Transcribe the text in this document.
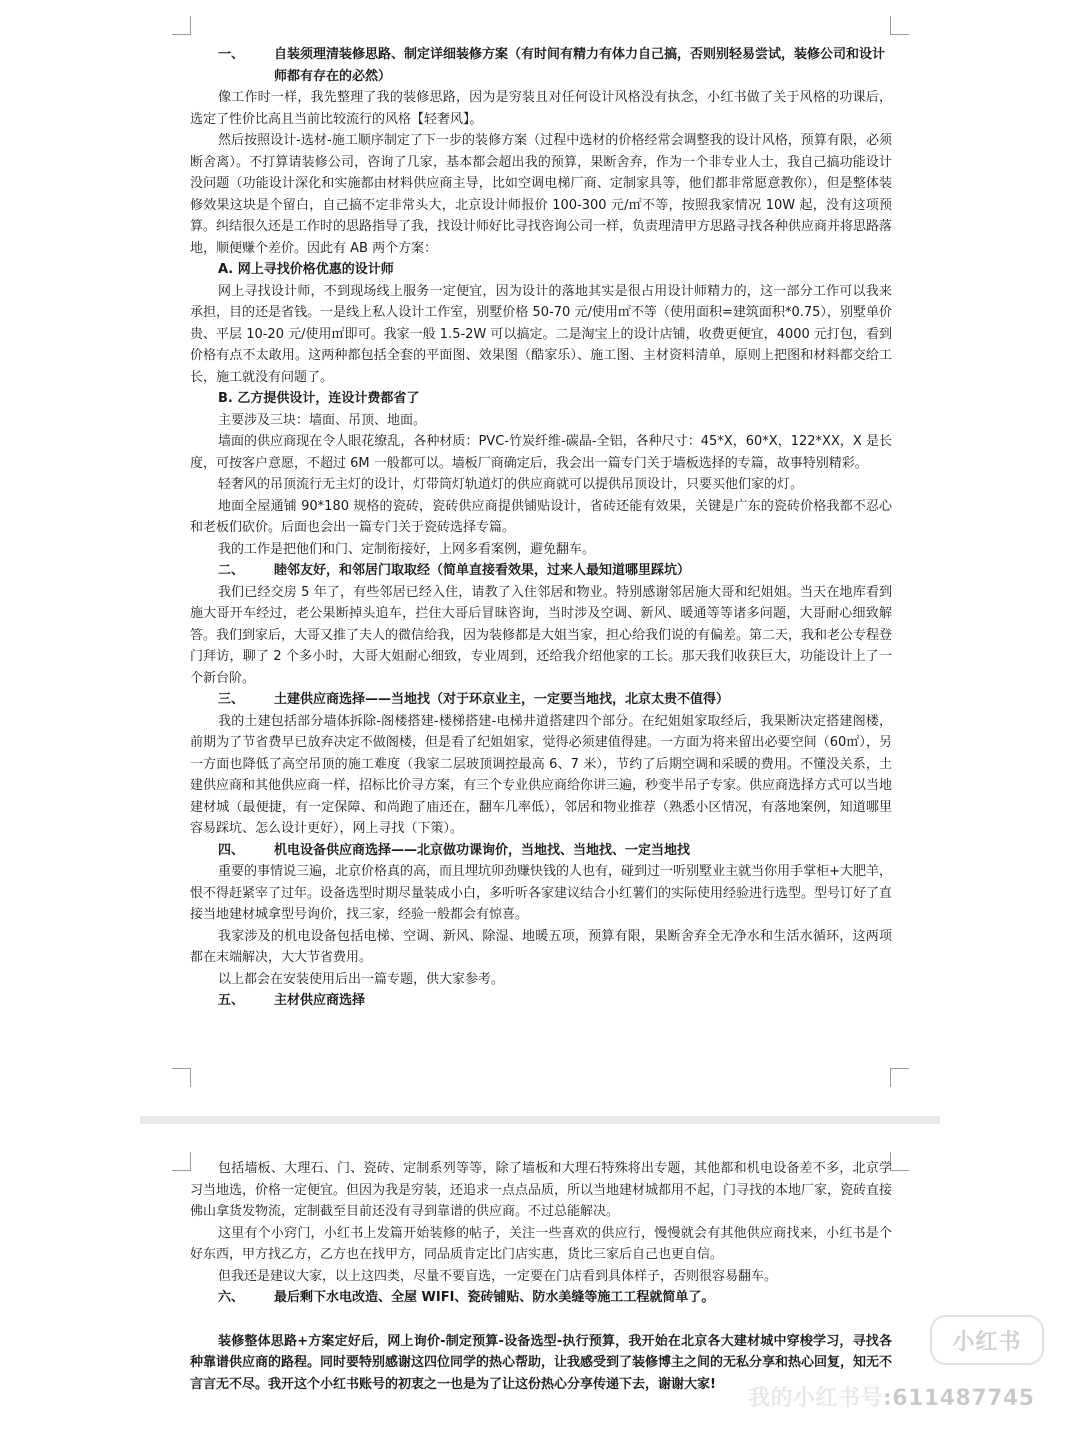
一、	自装须理清装修思路、制定详细装修方案（有时间有精力有体力自己搞，否则别轻易尝试，装修公司和设计师都有存在的必然）

像工作时一样，我先整理了我的装修思路，因为是穷装且对任何设计风格没有执念，小红书做了关于风格的功课后，选定了性价比高且当前比较流行的风格【轻奢风】。

然后按照设计-选材-施工顺序制定了下一步的装修方案（过程中选材的价格经常会调整我的设计风格，预算有限，必须断舍离）。不打算请装修公司，咨询了几家，基本都会超出我的预算，果断舍弃，作为一个非专业人士，我自己搞功能设计没问题（功能设计深化和实施都由材料供应商主导，比如空调电梯厂商、定制家具等，他们都非常愿意教你），但是整体装修效果这块是个留白，自己搞不定非常头大，北京设计师报价 100-300 元/㎡不等，按照我家情况 10W 起，没有这项预算。纠结很久还是工作时的思路指导了我，找设计师好比寻找咨询公司一样，负责理清甲方思路寻找各种供应商并将思路落地，顺便赚个差价。因此有 AB 两个方案：

A. 网上寻找价格优惠的设计师

网上寻找设计师，不到现场线上服务一定便宜，因为设计的落地其实是很占用设计师精力的，这一部分工作可以我来承担，目的还是省钱。一是线上私人设计工作室，别墅价格 50-70 元/使用㎡不等（使用面积=建筑面积*0.75），别墅单价贵、平层 10-20 元/使用㎡即可。我家一般 1.5-2W 可以搞定。二是淘宝上的设计店铺，收费更便宜，4000 元打包，看到价格有点不太敢用。这两种都包括全套的平面图、效果图（酷家乐）、施工图、主材资料清单，原则上把图和材料都交给工长，施工就没有问题了。

B. 乙方提供设计，连设计费都省了

主要涉及三块：墙面、吊顶、地面。

墙面的供应商现在令人眼花缭乱，各种材质：PVC-竹炭纤维-碳晶-全铝，各种尺寸：45*X，60*X，122*XX，X 是长度，可按客户意愿，不超过 6M 一般都可以。墙板厂商确定后，我会出一篇专门关于墙板选择的专篇，故事特别精彩。

轻奢风的吊顶流行无主灯的设计，灯带筒灯轨道灯的供应商就可以提供吊顶设计，只要买他们家的灯。

地面全屋通铺 90*180 规格的瓷砖，瓷砖供应商提供铺贴设计，省砖还能有效果，关键是广东的瓷砖价格我都不忍心和老板们砍价。后面也会出一篇专门关于瓷砖选择专篇。

我的工作是把他们和门、定制衔接好，上网多看案例，避免翻车。

二、	睦邻友好，和邻居门取取经（简单直接看效果，过来人最知道哪里踩坑）

我们已经交房 5 年了，有些邻居已经入住，请教了入住邻居和物业。特别感谢邻居施大哥和纪姐姐。当天在地库看到施大哥开车经过，老公果断掉头追车，拦住大哥后冒昧咨询，当时涉及空调、新风、暖通等等诸多问题，大哥耐心细致解答。我们到家后，大哥又推了夫人的微信给我，因为装修都是大姐当家，担心给我们说的有偏差。第二天，我和老公专程登门拜访，聊了 2 个多小时，大哥大姐耐心细致，专业周到，还给我介绍他家的工长。那天我们收获巨大，功能设计上了一个新台阶。

三、	土建供应商选择——当地找（对于环京业主，一定要当地找，北京太贵不值得）

我的土建包括部分墙体拆除-阁楼搭建-楼梯搭建-电梯井道搭建四个部分。在纪姐姐家取经后，我果断决定搭建阁楼，前期为了节省费早已放弃决定不做阁楼，但是看了纪姐姐家，觉得必须建值得建。一方面为将来留出必要空间（60㎡），另一方面也降低了高空吊顶的施工难度（我家二层玻顶调控最高 6、7 米），节约了后期空调和采暖的费用。不懂没关系，土建供应商和其他供应商一样，招标比价寻方案，有三个专业供应商给你讲三遍，秒变半吊子专家。供应商选择方式可以当地建材城（最便捷，有一定保障、和尚跑了庙还在，翻车几率低），邻居和物业推荐（熟悉小区情况，有落地案例，知道哪里容易踩坑、怎么设计更好），网上寻找（下策）。

四、	机电设备供应商选择——北京做功课询价，当地找、当地找、一定当地找

重要的事情说三遍，北京价格真的高，而且埋坑卯劲赚快钱的人也有，碰到过一听别墅业主就当你用手掌柜+大肥羊，恨不得赶紧宰了过年。设备选型时期尽量装成小白，多听听各家建议结合小红薯们的实际使用经验进行选型。型号订好了直接当地建材城拿型号询价，找三家，经验一般都会有惊喜。

我家涉及的机电设备包括电梯、空调、新风、除湿、地暖五项，预算有限，果断舍弃全无净水和生活水循环，这两项都在末端解决，大大节省费用。

以上都会在安装使用后出一篇专题，供大家参考。

五、	主材供应商选择

包括墙板、大理石、门、瓷砖、定制系列等等，除了墙板和大理石特殊将出专题，其他都和机电设备差不多，北京学习当地选，价格一定便宜。但因为我是穷装，还追求一点点品质，所以当地建材城都用不起，门寻找的本地厂家，瓷砖直接佛山拿货发物流，定制截至目前还没有寻到靠谱的供应商。不过总能解决。

这里有个小窍门，小红书上发篇开始装修的帖子，关注一些喜欢的供应行，慢慢就会有其他供应商找来，小红书是个好东西，甲方找乙方，乙方也在找甲方，同品质肯定比门店实惠，货比三家后自己也更自信。

但我还是建议大家，以上这四类，尽量不要盲选，一定要在门店看到具体样子，否则很容易翻车。

六、	最后剩下水电改造、全屋 WIFI、瓷砖铺贴、防水美缝等施工工程就简单了。

装修整体思路+方案定好后，网上询价-制定预算-设备选型-执行预算，我开始在北京各大建材城中穿梭学习，寻找各种靠谱供应商的路程。同时要特别感谢这四位同学的热心帮助，让我感受到了装修博主之间的无私分享和热心回复，知无不言言无不尽。我开这个小红书账号的初衷之一也是为了让这份热心分享传递下去，谢谢大家!

小红书
我的小红书号:611487745
